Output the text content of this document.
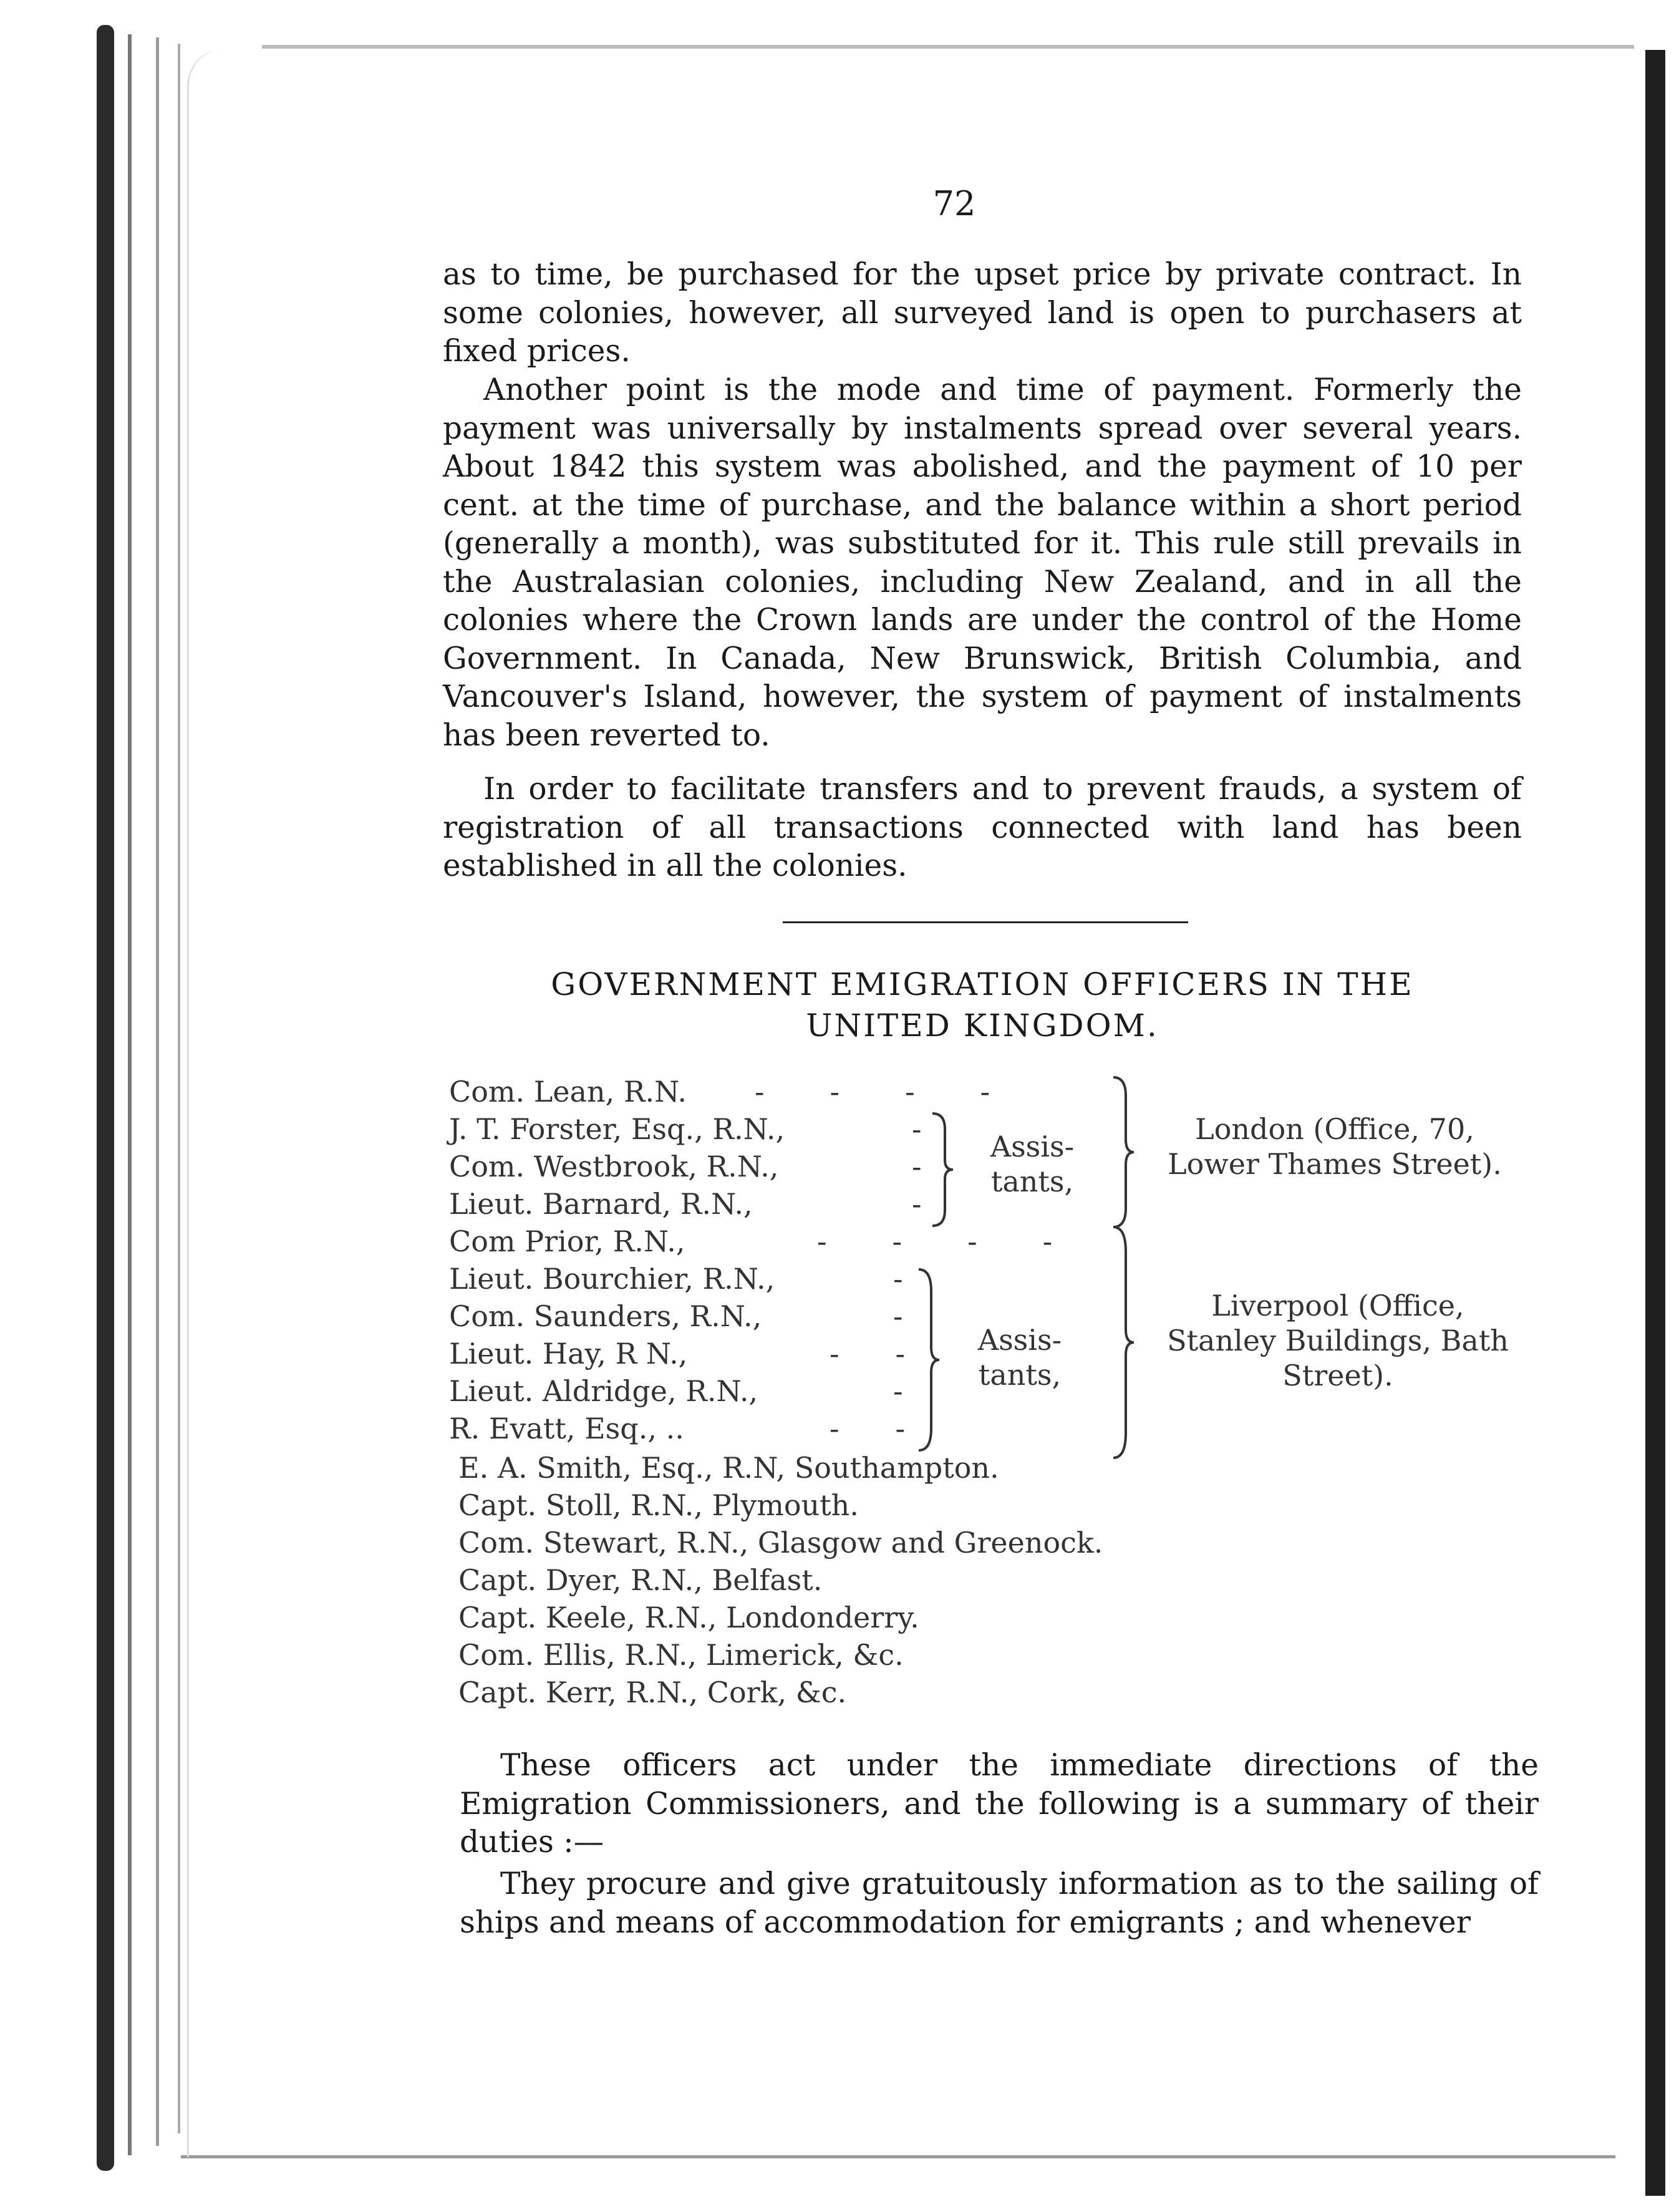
72

as to time, be purchased for the upset price by private contract. In some colonies, however, all surveyed land is open to purchasers at fixed prices.

Another point is the mode and time of payment. Formerly the payment was universally by instalments spread over several years. About 1842 this system was abolished, and the payment of 10 per cent. at the time of purchase, and the balance within a short period (generally a month), was substituted for it. This rule still prevails in the Australasian colonies, including New Zealand, and in all the colonies where the Crown lands are under the control of the Home Government. In Canada, New Brunswick, British Columbia, and Vancouver's Island, however, the system of payment of instalments has been reverted to.

In order to facilitate transfers and to prevent frauds, a system of registration of all transactions connected with land has been established in all the colonies.

GOVERNMENT EMIGRATION OFFICERS IN THE
UNITED KINGDOM.
Com. Lean, R.N.
J. T. Forster, Esq., R.N.,
Com. Westbrook, R.N.,
Lieut. Barnard, R.N.,
----
-
-
-
Assis-
tants,
London (Office, 70,
Lower Thames Street).
Com Prior, R.N.,
Lieut. Bourchier, R.N.,
Com. Saunders, R.N.,
Lieut. Hay, R N.,
Lieut. Aldridge, R.N.,
R. Evatt, Esq., ..
----
-
-
--
-
--
Assis-
tants,
Liverpool (Office,
Stanley Buildings, Bath
Street).
E. A. Smith, Esq., R.N, Southampton.
Capt. Stoll, R.N., Plymouth.
Com. Stewart, R.N., Glasgow and Greenock.
Capt. Dyer, R.N., Belfast.
Capt. Keele, R.N., Londonderry.
Com. Ellis, R.N., Limerick, &c.
Capt. Kerr, R.N., Cork, &c.

These officers act under the immediate directions of the Emigration Commissioners, and the following is a summary of their duties :—

They procure and give gratuitously information as to the sailing of ships and means of accommodation for emigrants ; and whenever
